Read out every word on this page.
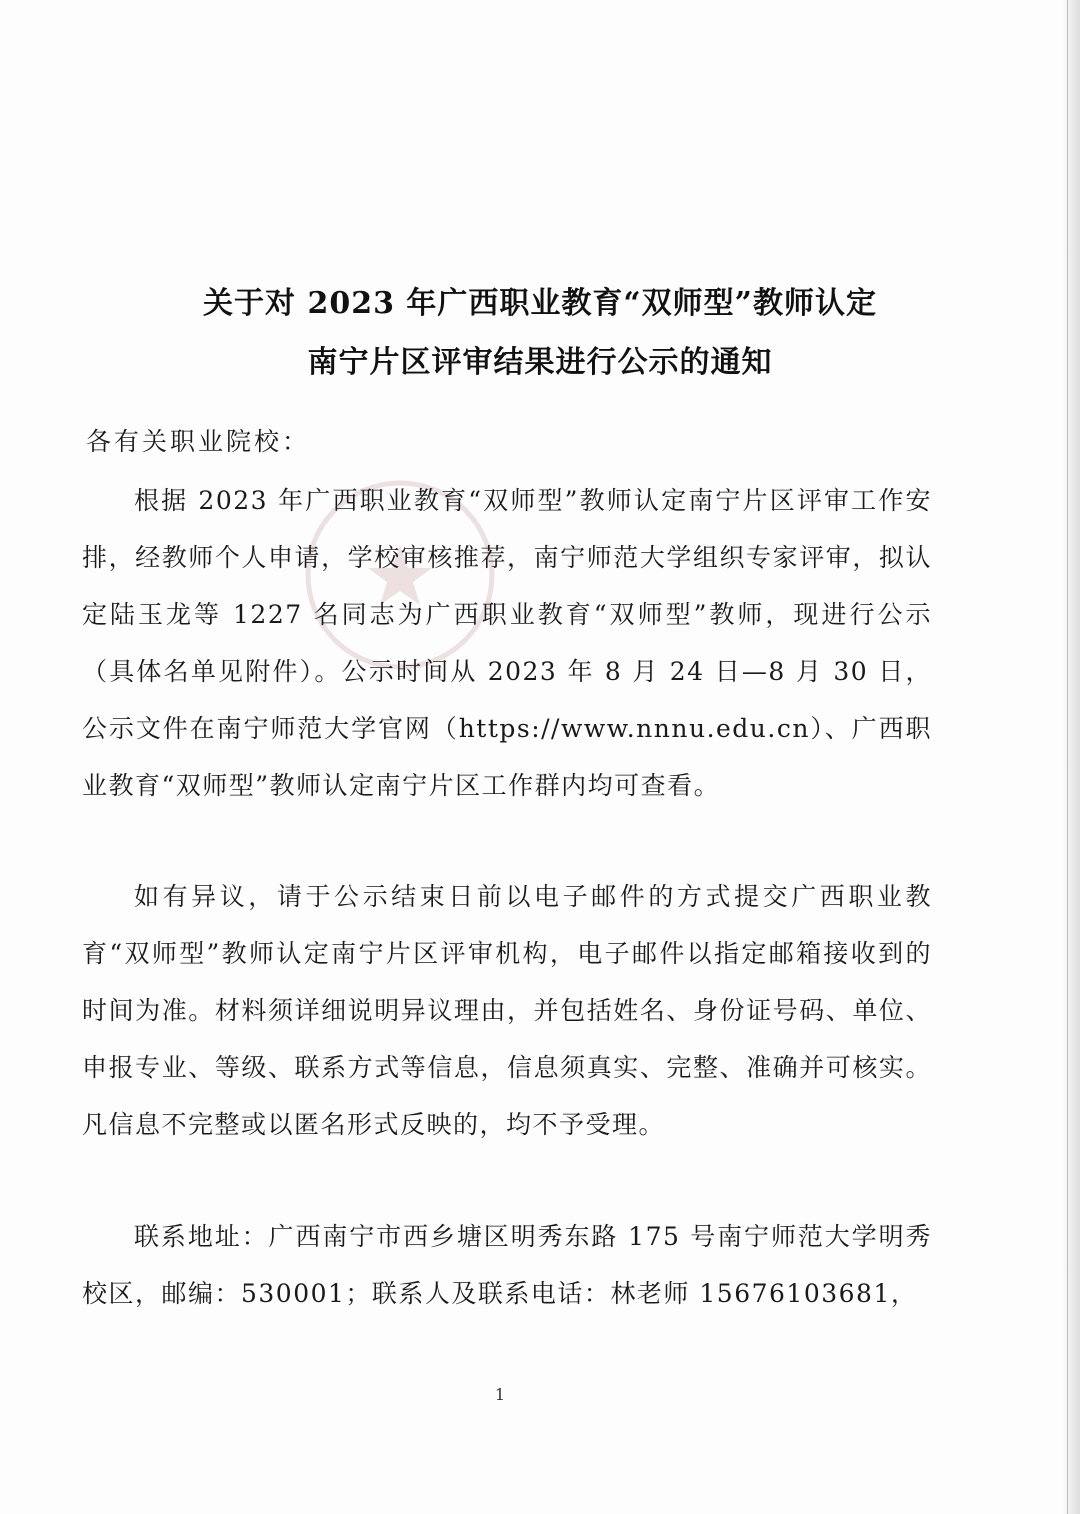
关于对 2023 年广西职业教育“双师型”教师认定
南宁片区评审结果进行公示的通知
各有关职业院校：
根据 2023 年广西职业教育“双师型”教师认定南宁片区评审工作安排，经教师个人申请，学校审核推荐，南宁师范大学组织专家评审，拟认定陆玉龙等 1227 名同志为广西职业教育“双师型”教师，现进行公示（具体名单见附件）。公示时间从 2023 年 8 月 24 日—8 月 30 日，公示文件在南宁师范大学官网（https://www.nnnu.edu.cn）、广西职业教育“双师型”教师认定南宁片区工作群内均可查看。
如有异议，请于公示结束日前以电子邮件的方式提交广西职业教育“双师型”教师认定南宁片区评审机构，电子邮件以指定邮箱接收到的时间为准。材料须详细说明异议理由，并包括姓名、身份证号码、单位、申报专业、等级、联系方式等信息，信息须真实、完整、准确并可核实。凡信息不完整或以匿名形式反映的，均不予受理。
联系地址：广西南宁市西乡塘区明秀东路 175 号南宁师范大学明秀校区，邮编：530001；联系人及联系电话：林老师 15676103681，
1
